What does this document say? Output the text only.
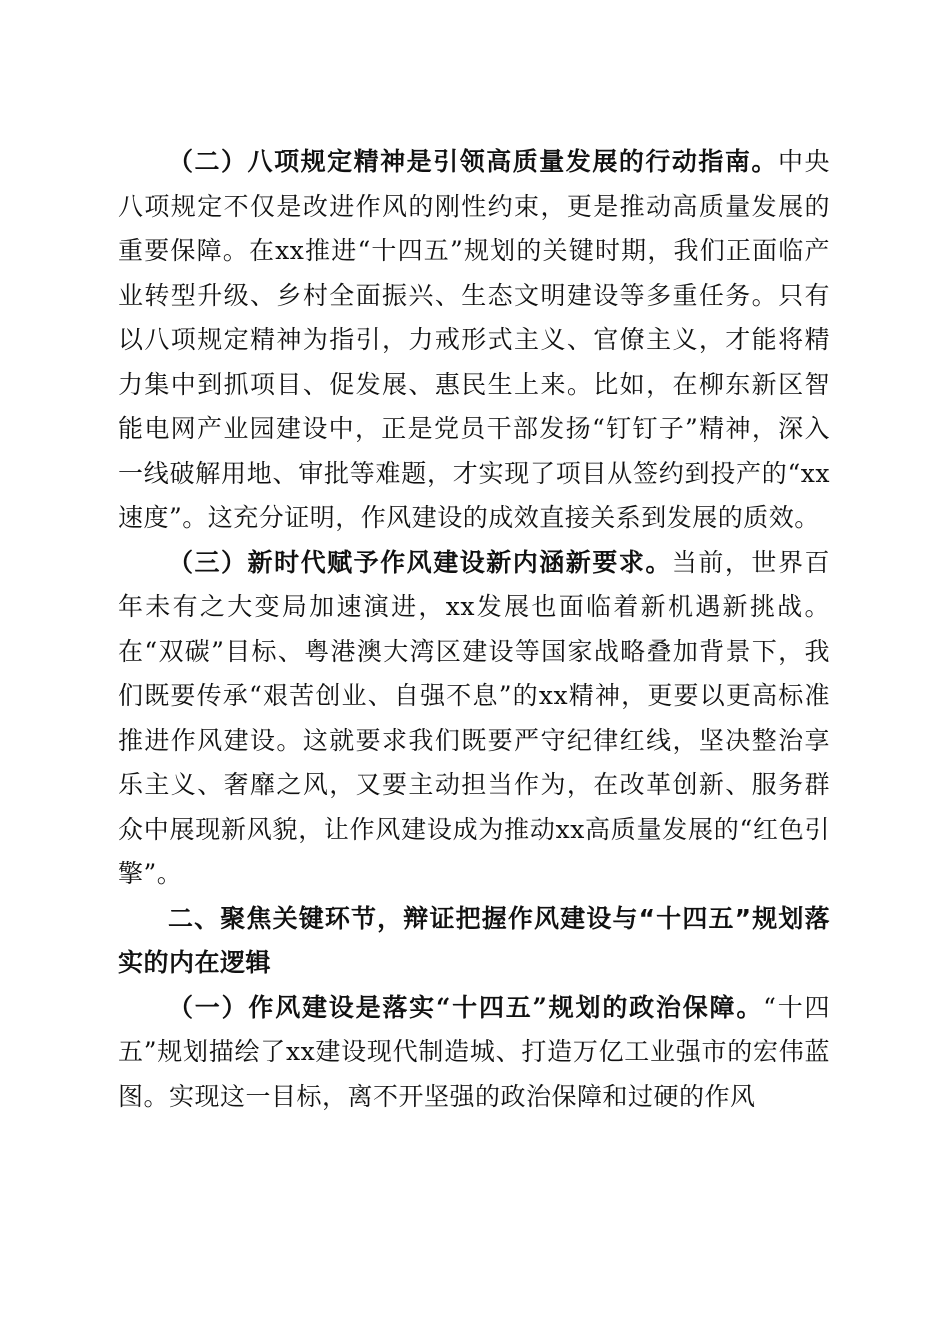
（二）八项规定精神是引领高质量发展的行动指南。中央八项规定不仅是改进作风的刚性约束，更是推动高质量发展的重要保障。在xx推进“十四五”规划的关键时期，我们正面临产业转型升级、乡村全面振兴、生态文明建设等多重任务。只有以八项规定精神为指引，力戒形式主义、官僚主义，才能将精力集中到抓项目、促发展、惠民生上来。比如，在柳东新区智能电网产业园建设中，正是党员干部发扬“钉钉子”精神，深入一线破解用地、审批等难题，才实现了项目从签约到投产的“xx速度”。这充分证明，作风建设的成效直接关系到发展的质效。

（三）新时代赋予作风建设新内涵新要求。当前，世界百年未有之大变局加速演进，xx发展也面临着新机遇新挑战。在“双碳”目标、粤港澳大湾区建设等国家战略叠加背景下，我们既要传承“艰苦创业、自强不息”的xx精神，更要以更高标准推进作风建设。这就要求我们既要严守纪律红线，坚决整治享乐主义、奢靡之风，又要主动担当作为，在改革创新、服务群众中展现新风貌，让作风建设成为推动xx高质量发展的“红色引擎”。

二、聚焦关键环节，辩证把握作风建设与“十四五”规划落实的内在逻辑

（一）作风建设是落实“十四五”规划的政治保障。“十四五”规划描绘了xx建设现代制造城、打造万亿工业强市的宏伟蓝图。实现这一目标，离不开坚强的政治保障和过硬的作风
